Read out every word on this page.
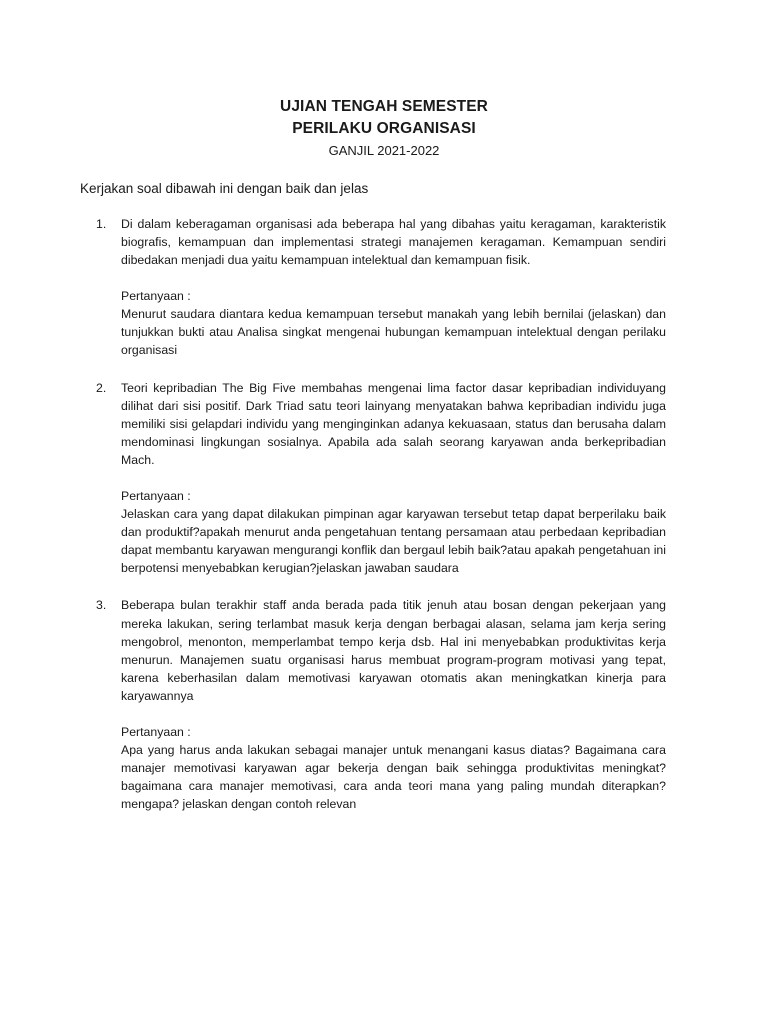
UJIAN TENGAH SEMESTER
PERILAKU ORGANISASI
GANJIL 2021-2022
Kerjakan soal dibawah ini dengan baik dan jelas
1. Di dalam keberagaman organisasi ada beberapa hal yang dibahas yaitu keragaman, karakteristik biografis, kemampuan dan implementasi strategi manajemen keragaman. Kemampuan sendiri dibedakan menjadi dua yaitu kemampuan intelektual dan kemampuan fisik.

Pertanyaan :

Menurut saudara diantara kedua kemampuan tersebut manakah yang lebih bernilai (jelaskan) dan tunjukkan bukti atau Analisa singkat mengenai hubungan kemampuan intelektual dengan perilaku organisasi

2. Teori kepribadian The Big Five membahas mengenai lima factor dasar kepribadian individuyang dilihat dari sisi positif. Dark Triad satu teori lainyang menyatakan bahwa kepribadian individu juga memiliki sisi gelapdari individu yang menginginkan adanya kekuasaan, status dan berusaha dalam mendominasi lingkungan sosialnya. Apabila ada salah seorang karyawan anda berkepribadian Mach.

Pertanyaan :

Jelaskan cara yang dapat dilakukan pimpinan agar karyawan tersebut tetap dapat berperilaku baik dan produktif?apakah menurut anda pengetahuan tentang persamaan atau perbedaan kepribadian dapat membantu karyawan mengurangi konflik dan bergaul lebih baik?atau apakah pengetahuan ini berpotensi menyebabkan kerugian?jelaskan jawaban saudara

3. Beberapa bulan terakhir staff anda berada pada titik jenuh atau bosan dengan pekerjaan yang mereka lakukan, sering terlambat masuk kerja dengan berbagai alasan, selama jam kerja sering mengobrol, menonton, memperlambat tempo kerja dsb. Hal ini menyebabkan produktivitas kerja menurun. Manajemen suatu organisasi harus membuat program-program motivasi yang tepat, karena keberhasilan dalam memotivasi karyawan otomatis akan meningkatkan kinerja para karyawannya

Pertanyaan :

Apa yang harus anda lakukan sebagai manajer untuk menangani kasus diatas? Bagaimana cara manajer memotivasi karyawan agar bekerja dengan baik sehingga produktivitas meningkat?bagaimana cara manajer memotivasi, cara anda teori mana yang paling mundah diterapkan?mengapa? jelaskan dengan contoh relevan
